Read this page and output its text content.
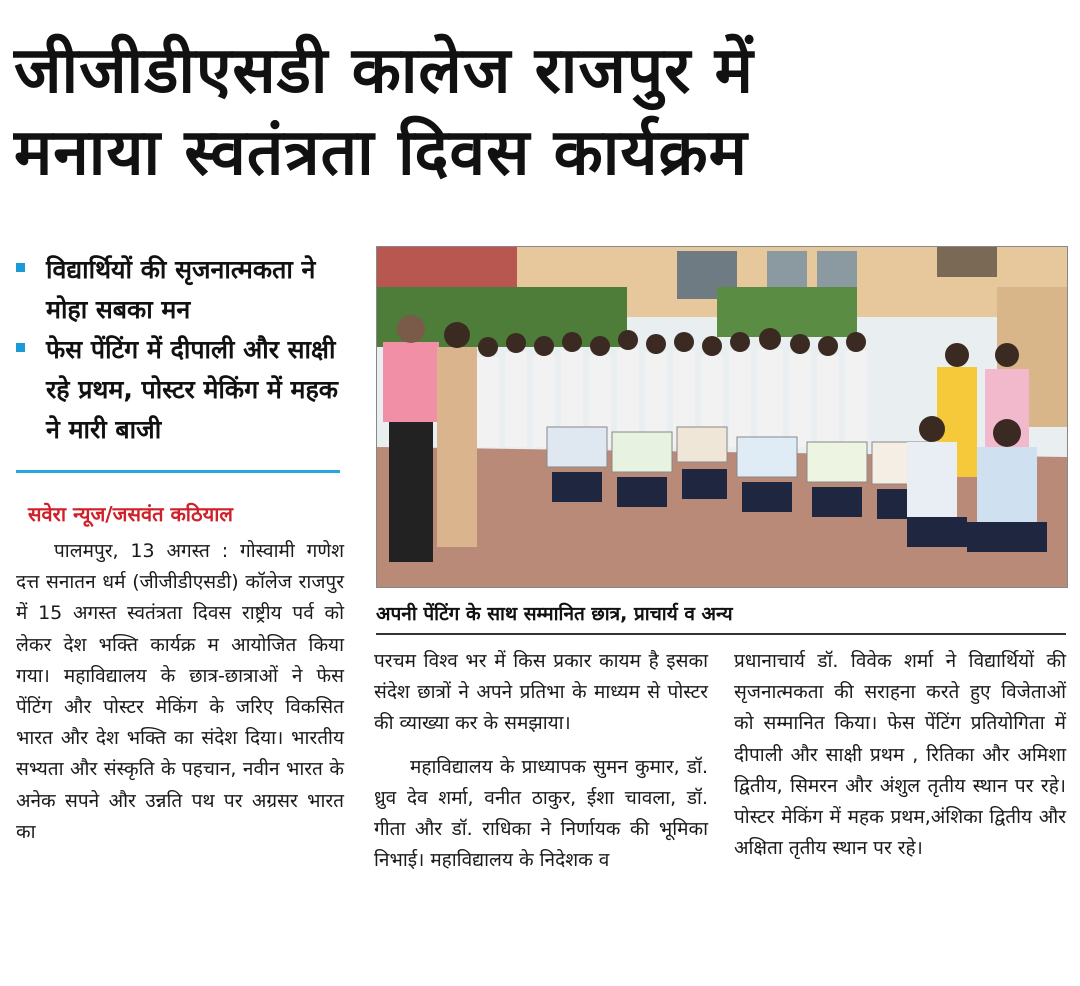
जीजीडीएसडी कालेज राजपुर में
मनाया स्वतंत्रता दिवस कार्यक्रम
विद्यार्थियों की सृजनात्मकता ने मोहा सबका मन
फेस पेंटिंग में दीपाली और साक्षी रहे प्रथम, पोस्टर मेकिंग में महक ने मारी बाजी
सवेरा न्यूज/जसवंत कठियाल

पालमपुर, 13 अगस्त : गोस्वामी गणेश दत्त सनातन धर्म (जीजीडीएसडी) कॉलेज राजपुर में 15 अगस्त स्वतंत्रता दिवस राष्ट्रीय पर्व को लेकर देश भक्ति कार्यक्र म आयोजित किया गया। महाविद्यालय के छात्र-छात्राओं ने फेस पेंटिंग और पोस्टर मेकिंग के जरिए विकसित भारत और देश भक्ति का संदेश दिया। भारतीय सभ्यता और संस्कृति के पहचान, नवीन भारत के अनेक सपने और उन्नति पथ पर अग्रसर भारत का

अपनी पेंटिंग के साथ सम्मानित छात्र, प्राचार्य व अन्य

परचम विश्व भर में किस प्रकार कायम है इसका संदेश छात्रों ने अपने प्रतिभा के माध्यम से पोस्टर की व्याख्या कर के समझाया।

महाविद्यालय के प्राध्यापक सुमन कुमार, डॉ. ध्रुव देव शर्मा, वनीत ठाकुर, ईशा चावला, डॉ. गीता और डॉ. राधिका ने निर्णायक की भूमिका निभाई। महाविद्यालय के निदेशक व

प्रधानाचार्य डॉ. विवेक शर्मा ने विद्यार्थियों की सृजनात्मकता की सराहना करते हुए विजेताओं को सम्मानित किया। फेस पेंटिंग प्रतियोगिता में दीपाली और साक्षी प्रथम , रितिका और अमिशा द्वितीय, सिमरन और अंशुल तृतीय स्थान पर रहे। पोस्टर मेकिंग में महक प्रथम,अंशिका द्वितीय और अक्षिता तृतीय स्थान पर रहे।
